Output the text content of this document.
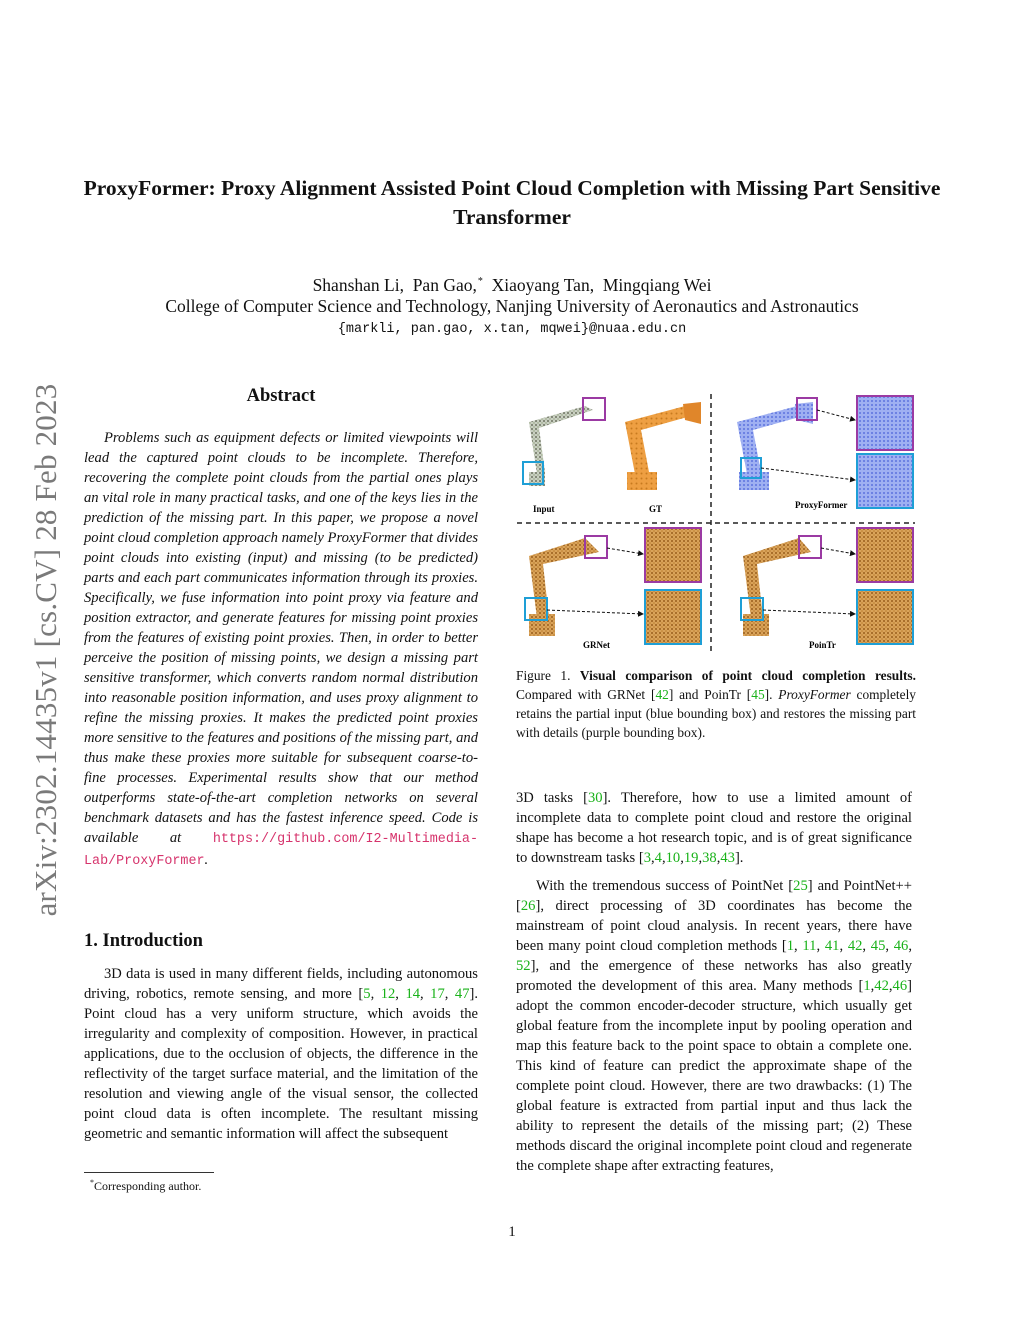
ProxyFormer: Proxy Alignment Assisted Point Cloud Completion with Missing Part Sensitive Transformer
Shanshan Li, Pan Gao,* Xiaoyang Tan, Mingqiang Wei
College of Computer Science and Technology, Nanjing University of Aeronautics and Astronautics
{markli, pan.gao, x.tan, mqwei}@nuaa.edu.cn
arXiv:2302.14435v1 [cs.CV] 28 Feb 2023	Abstract
Problems such as equipment defects or limited viewpoints will lead the captured point clouds to be incomplete. Therefore, recovering the complete point clouds from the partial ones plays an vital role in many practical tasks, and one of the keys lies in the prediction of the missing part. In this paper, we propose a novel point cloud completion approach namely ProxyFormer that divides point clouds into existing (input) and missing (to be predicted) parts and each part communicates information through its proxies. Specifically, we fuse information into point proxy via feature and position extractor, and generate features for missing point proxies from the features of existing point proxies. Then, in order to better perceive the position of missing points, we design a missing part sensitive transformer, which converts random normal distribution into reasonable position information, and uses proxy alignment to refine the missing proxies. It makes the predicted point proxies more sensitive to the features and positions of the missing part, and thus make these proxies more suitable for subsequent coarse-to-fine processes. Experimental results show that our method outperforms state-of-the-art completion networks on several benchmark datasets and has the fastest inference speed. Code is available at https://github.com/I2-Multimedia-Lab/ProxyFormer.
1. Introduction
3D data is used in many different fields, including autonomous driving, robotics, remote sensing, and more [5, 12, 14, 17, 47]. Point cloud has a very uniform structure, which avoids the irregularity and complexity of composition. However, in practical applications, due to the occlusion of objects, the difference in the reflectivity of the target surface material, and the limitation of the resolution and viewing angle of the visual sensor, the collected point cloud data is often incomplete. The resultant missing geometric and semantic information will affect the subsequent
*Corresponding author.
Input	GT	ProxyFormer
GRNet	PoinTr
Figure 1. Visual comparison of point cloud completion results. Compared with GRNet [42] and PoinTr [45]. ProxyFormer completely retains the partial input (blue bounding box) and restores the missing part with details (purple bounding box).

3D tasks [30]. Therefore, how to use a limited amount of incomplete data to complete point cloud and restore the original shape has become a hot research topic, and is of great significance to downstream tasks [3,4,10,19,38,43].

With the tremendous success of PointNet [25] and PointNet++ [26], direct processing of 3D coordinates has become the mainstream of point cloud analysis. In recent years, there have been many point cloud completion methods [1, 11, 41, 42, 45, 46, 52], and the emergence of these networks has also greatly promoted the development of this area. Many methods [1,42,46] adopt the common encoder-decoder structure, which usually get global feature from the incomplete input by pooling operation and map this feature back to the point space to obtain a complete one. This kind of feature can predict the approximate shape of the complete point cloud. However, there are two drawbacks: (1) The global feature is extracted from partial input and thus lack the ability to represent the details of the missing part; (2) These methods discard the original incomplete point cloud and regenerate the complete shape after extracting features,

1
